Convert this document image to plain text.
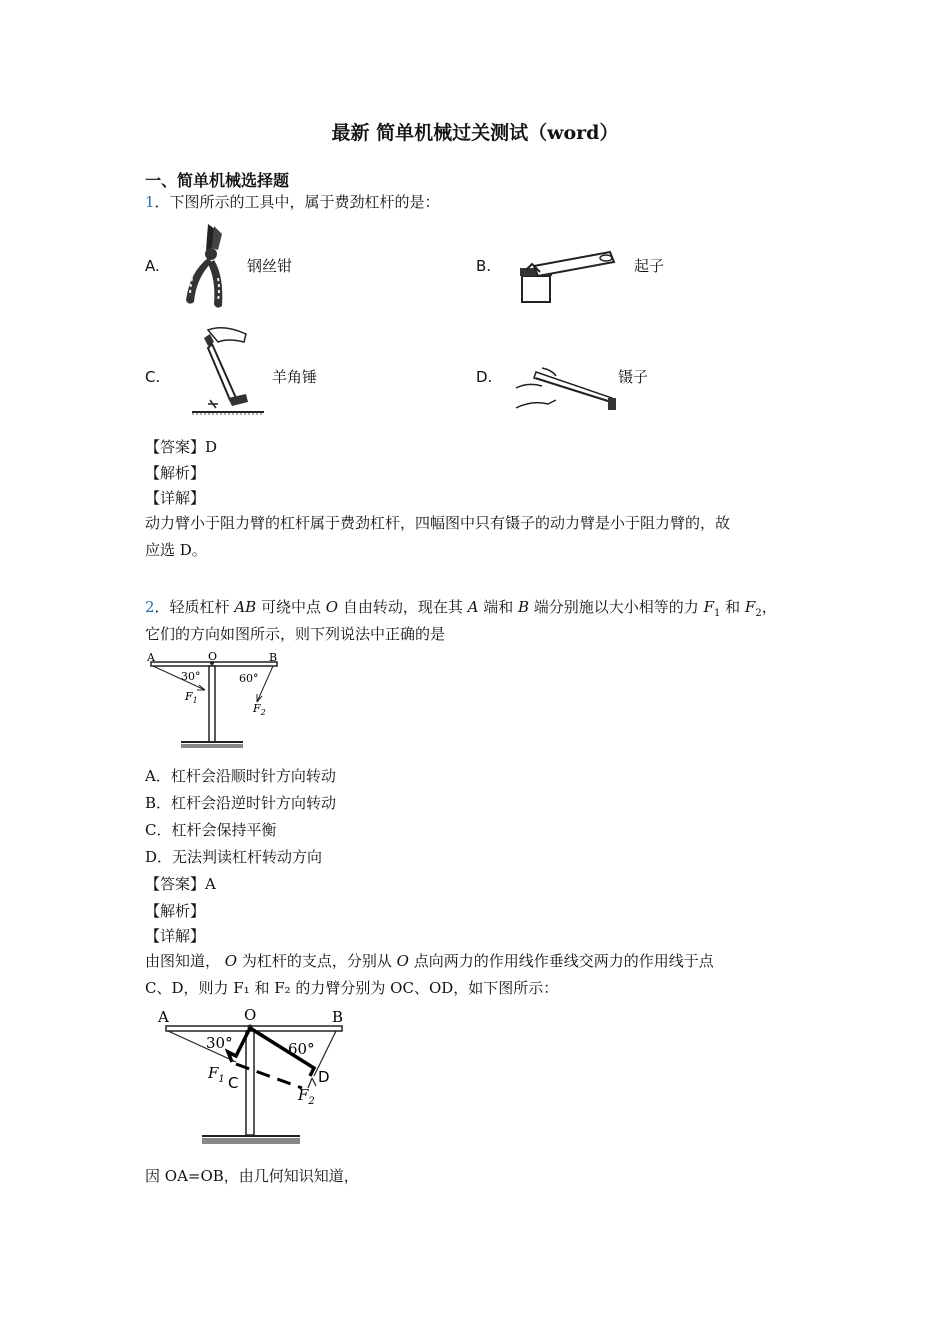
最新 简单机械过关测试（word）
一、简单机械选择题
1．下图所示的工具中，属于费劲杠杆的是：
A.	钢丝钳	B.	起子
C.	羊角锤	D.	镊子
【答案】D
【解析】
【详解】
动力臂小于阻力臂的杠杆属于费劲杠杆，四幅图中只有镊子的动力臂是小于阻力臂的，故
应选 D。
2．轻质杠杆 AB 可绕中点 O 自由转动，现在其 A 端和 B 端分别施以大小相等的力 $F_1$ 和 $F_2$，
它们的方向如图所示，则下列说法中正确的是
A	O	B
30°	60°
$F_1$
$F_2$
A．杠杆会沿顺时针方向转动
B．杠杆会沿逆时针方向转动
C．杠杆会保持平衡
D．无法判读杠杆转动方向
【答案】A
【解析】
【详解】
由图知道， O 为杠杆的支点，分别从 O 点向两力的作用线作垂线交两力的作用线于点
C、D，则力 F₁ 和 F₂ 的力臂分别为 OC、OD，如下图所示：
A	O	B
30°	60°
$F_1$ C	D
$F_2$
因 OA=OB，由几何知识知道，
